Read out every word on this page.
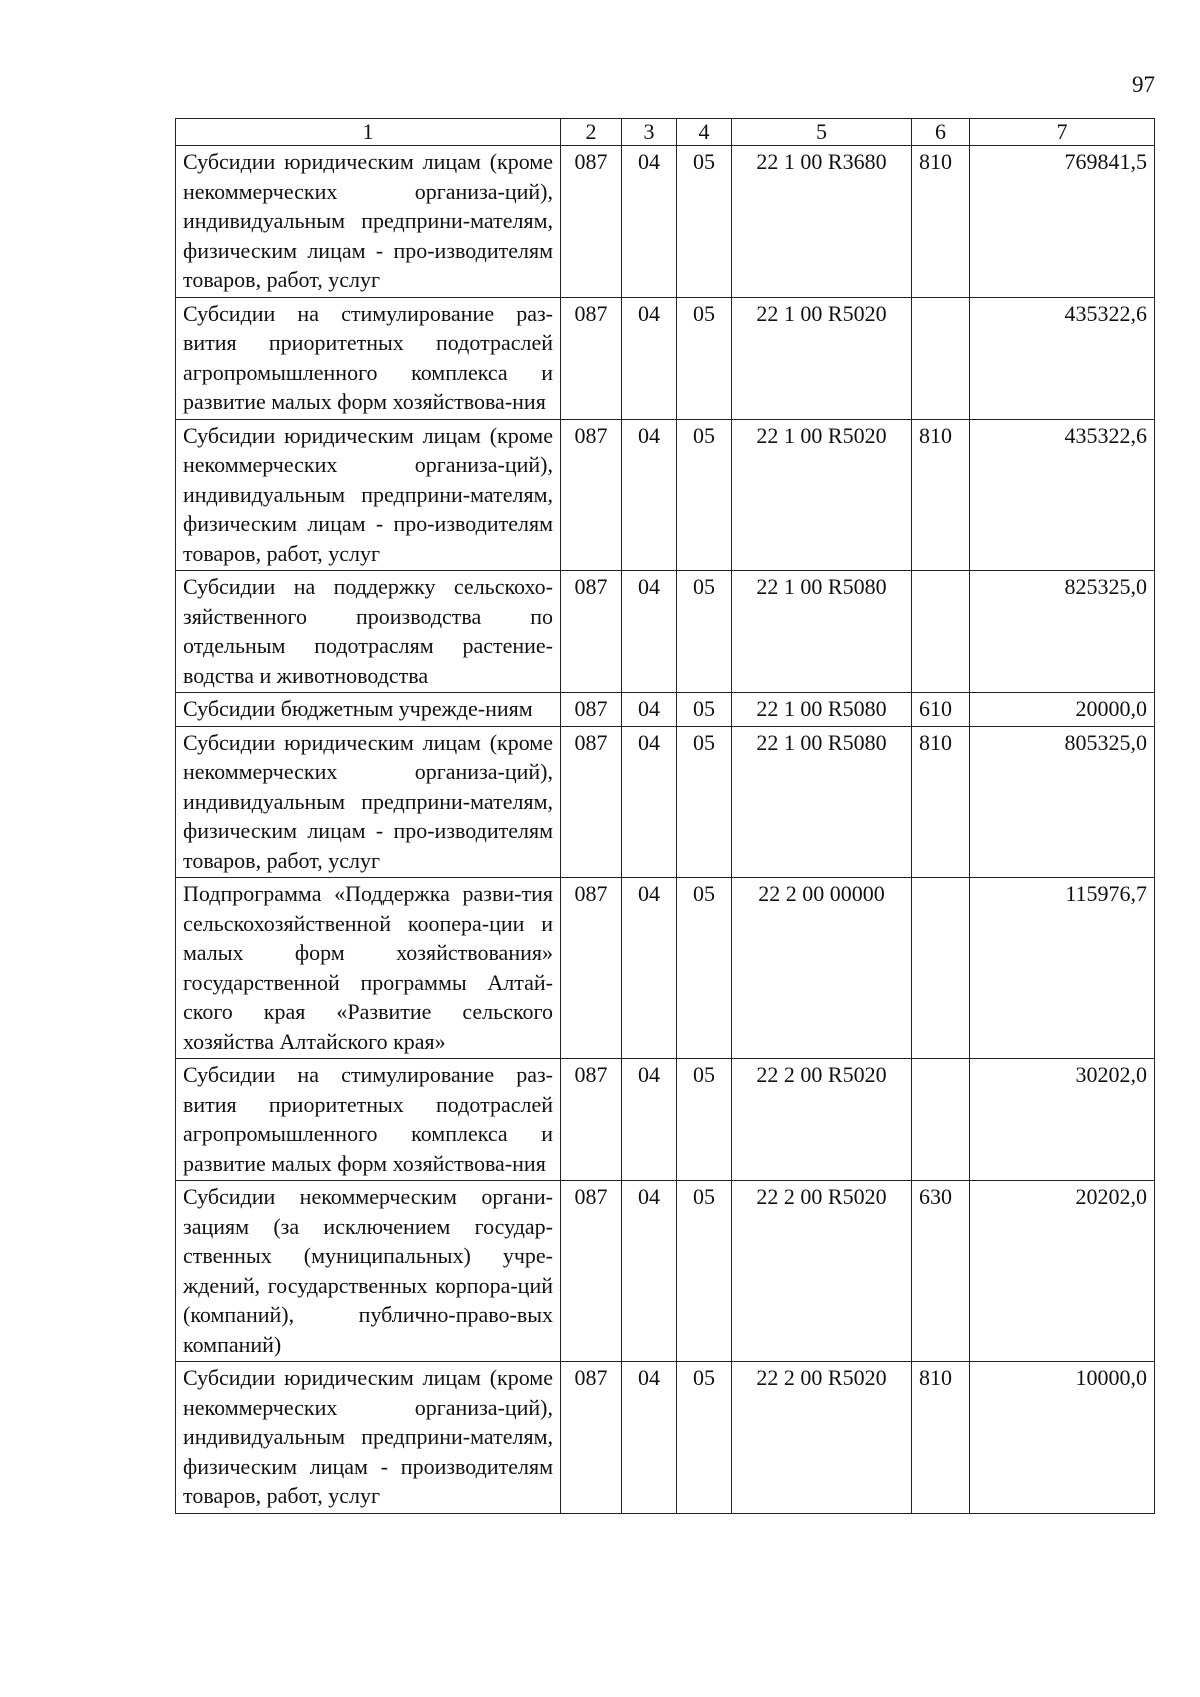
97
1	2	3	4	5	6	7
Субсидии юридическим лицам (кроме некоммерческих организа-ций), индивидуальным предприни-мателям, физическим лицам - про-изводителям товаров, работ, услуг	087	04	05	22 1 00 R3680	810	769841,5
Субсидии на стимулирование раз-вития приоритетных подотраслей агропромышленного комплекса и развитие малых форм хозяйствова-ния	087	04	05	22 1 00 R5020		435322,6
Субсидии юридическим лицам (кроме некоммерческих организа-ций), индивидуальным предприни-мателям, физическим лицам - про-изводителям товаров, работ, услуг	087	04	05	22 1 00 R5020	810	435322,6
Субсидии на поддержку сельскохо-зяйственного производства по отдельным подотраслям растение-водства и животноводства	087	04	05	22 1 00 R5080		825325,0
Субсидии бюджетным учрежде-ниям	087	04	05	22 1 00 R5080	610	20000,0
Субсидии юридическим лицам (кроме некоммерческих организа-ций), индивидуальным предприни-мателям, физическим лицам - про-изводителям товаров, работ, услуг	087	04	05	22 1 00 R5080	810	805325,0
Подпрограмма «Поддержка разви-тия сельскохозяйственной коопера-ции и малых форм хозяйствования» государственной программы Алтай-ского края «Развитие сельского хозяйства Алтайского края»	087	04	05	22 2 00 00000		115976,7
Субсидии на стимулирование раз-вития приоритетных подотраслей агропромышленного комплекса и развитие малых форм хозяйствова-ния	087	04	05	22 2 00 R5020		30202,0
Субсидии некоммерческим органи-зациям (за исключением государ-ственных (муниципальных) учре-ждений, государственных корпора-ций (компаний), публично-право-вых компаний)	087	04	05	22 2 00 R5020	630	20202,0
Субсидии юридическим лицам (кроме некоммерческих организа-ций), индивидуальным предприни-мателям, физическим лицам - производителям товаров, работ, услуг	087	04	05	22 2 00 R5020	810	10000,0
